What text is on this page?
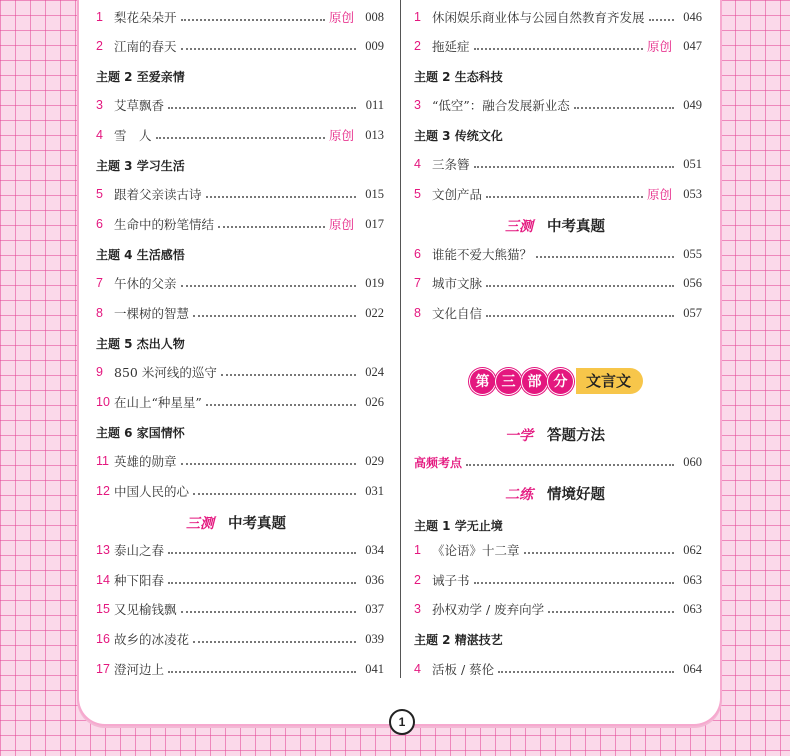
1 梨花朵朵开	原创 008
2 江南的春天	009
主题 2 至爱亲情
3 艾草飘香	011
4 雪　人	原创 013
主题 3 学习生活
5 跟着父亲读古诗	015
6 生命中的粉笔情结	原创 017
主题 4 生活感悟
7 午休的父亲	019
8 一棵树的智慧	022
主题 5 杰出人物
9 850 米河线的巡守	024
10 在山上“种星星”	026
主题 6 家国情怀
11 英雄的勋章	029
12 中国人民的心	031
三测 中考真题
13 泰山之春	034
14 种下阳春	036
15 又见榆钱飘	037
16 故乡的冰凌花	039
17 澄河边上	041
1 休闲娱乐商业体与公园自然教育齐发展	046
2 拖延症	原创 047
主题 2 生态科技
3 “低空”：融合发展新业态	049
主题 3 传统文化
4 三条簪	051
5 文创产品	原创 053
三测 中考真题
6 谁能不爱大熊猫？	055
7 城市文脉	056
8 文化自信	057
一学 答题方法
高频考点	060
二练 情境好题
主题 1 学无止境
1 《论语》十二章	062
2 诫子书	063
3 孙权劝学 / 废弃向学	063
主题 2 精湛技艺
4 活板 / 蔡伦	064
第 三 部 分	文言文
1
